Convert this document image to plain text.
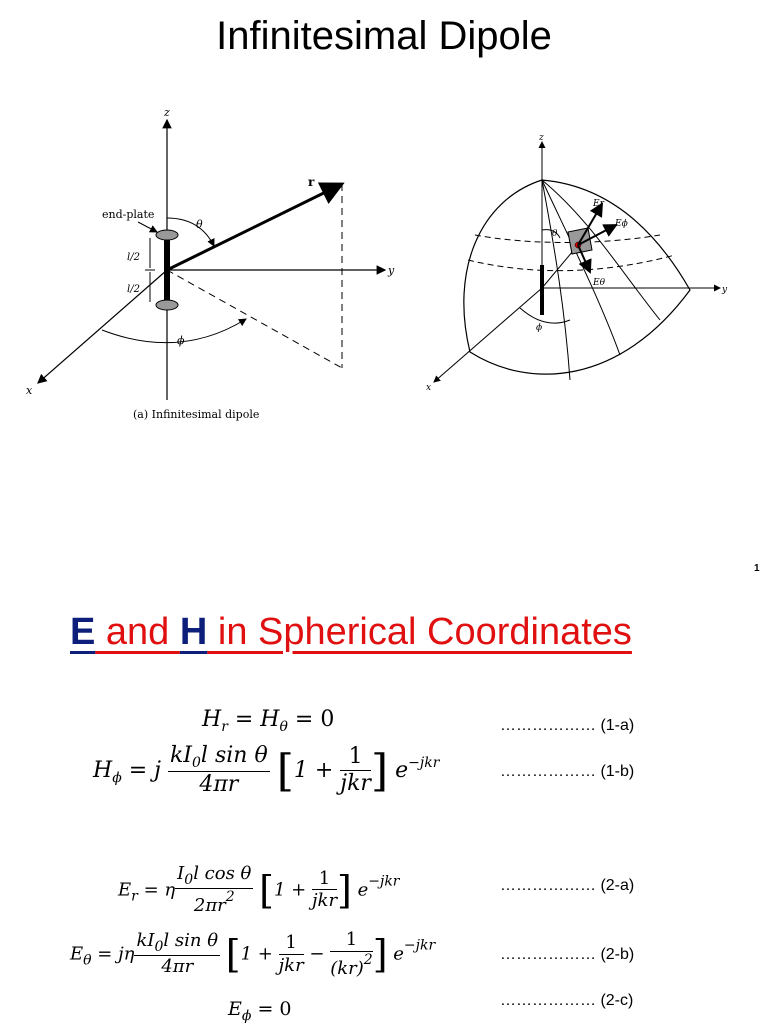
Infinitesimal Dipole
z
y
x
r
θ
ϕ
end-plate
l/2
l/2
(a) Infinitesimal dipole
z
y
x
θ
ϕ
Er
Eϕ
Eθ
1
E and H in Spherical Coordinates
$H_r = H_\theta = 0$	……………… (1-a)
$H_\phi = j \frac{kI_0l \sin \theta}{4\pi r} [1 + \frac{1}{\text{jkr}}$ ] $e^{-jkr}$
……………… (1-b)
$E_r = \eta \frac{I_0l \cos \theta}{2\pi r^2} [1 + \frac{1}{\text{jkr}}$ ] $e^{-jkr}$	……………… (2-a)
$E_\theta = j\eta \frac{kI_0l \sin \theta}{4\pi r} [1 + \frac{1}{\text{jkr}} - \frac{1}{(kr)^2}$ ] $e^{-jkr}$
……………… (2-b)
$E_\phi = 0$	……………… (2-c)
